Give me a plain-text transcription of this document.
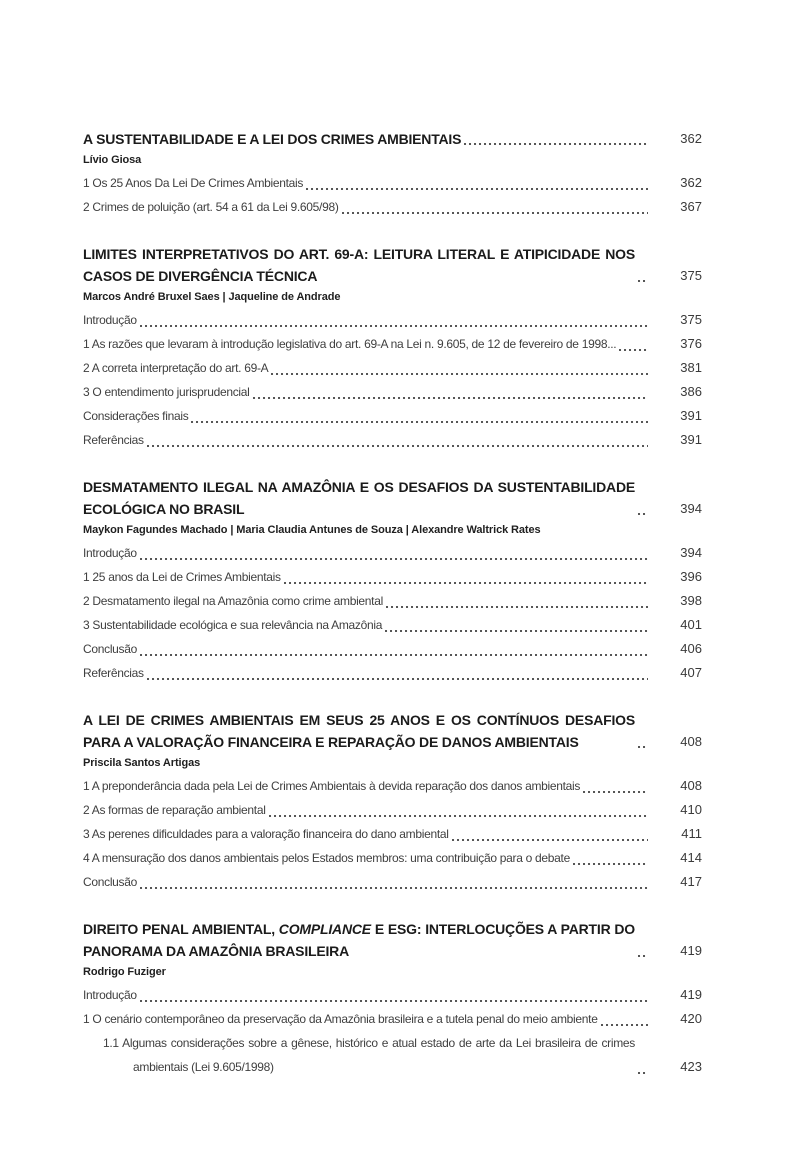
A SUSTENTABILIDADE E A LEI DOS CRIMES AMBIENTAIS	362
Lívio Giosa
1 Os 25 Anos Da Lei De Crimes Ambientais	362
2 Crimes de poluição (art. 54 a 61 da Lei 9.605/98)	367
LIMITES INTERPRETATIVOS DO ART. 69-A: LEITURA LITERAL E ATIPICIDADE NOS CASOS DE DIVERGÊNCIA TÉCNICA	375
Marcos André Bruxel Saes | Jaqueline de Andrade
Introdução	375
1 As razões que levaram à introdução legislativa do art. 69-A na Lei n. 9.605, de 12 de fevereiro de 1998...	376
2 A correta interpretação do art. 69-A	381
3 O entendimento jurisprudencial	386
Considerações finais	391
Referências	391
DESMATAMENTO ILEGAL NA AMAZÔNIA E OS DESAFIOS DA SUSTENTABILIDADE ECOLÓGICA NO BRASIL	394
Maykon Fagundes Machado | Maria Claudia Antunes de Souza | Alexandre Waltrick Rates
Introdução	394
1 25 anos da Lei de Crimes Ambientais	396
2 Desmatamento ilegal na Amazônia como crime ambiental	398
3 Sustentabilidade ecológica e sua relevância na Amazônia	401
Conclusão	406
Referências	407
A LEI DE CRIMES AMBIENTAIS EM SEUS 25 ANOS E OS CONTÍNUOS DESAFIOS PARA A VALORAÇÃO FINANCEIRA E REPARAÇÃO DE DANOS AMBIENTAIS	408
Priscila Santos Artigas
1 A preponderância dada pela Lei de Crimes Ambientais à devida reparação dos danos ambientais	408
2 As formas de reparação ambiental	410
3 As perenes dificuldades para a valoração financeira do dano ambiental	411
4 A mensuração dos danos ambientais pelos Estados membros: uma contribuição para o debate	414
Conclusão	417
DIREITO PENAL AMBIENTAL, COMPLIANCE E ESG: INTERLOCUÇÕES A PARTIR DO PANORAMA DA AMAZÔNIA BRASILEIRA	419
Rodrigo Fuziger
Introdução	419
1 O cenário contemporâneo da preservação da Amazônia brasileira e a tutela penal do meio ambiente	420
1.1 Algumas considerações sobre a gênese, histórico e atual estado de arte da Lei brasileira de crimes ambientais (Lei 9.605/1998)	423
